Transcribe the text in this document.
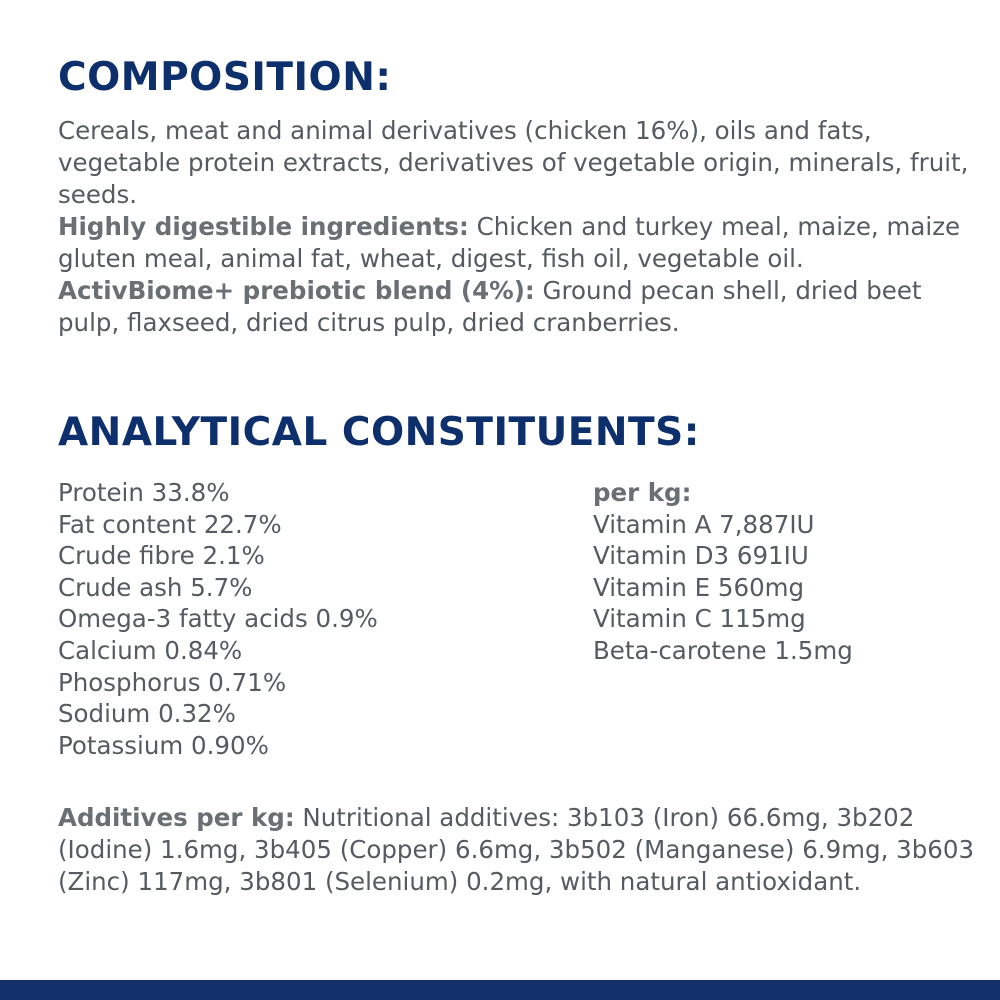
COMPOSITION:

Cereals, meat and animal derivatives (chicken 16%), oils and fats, vegetable protein extracts, derivatives of vegetable origin, minerals, fruit, seeds.
Highly digestible ingredients: Chicken and turkey meal, maize, maize gluten meal, animal fat, wheat, digest, fish oil, vegetable oil.
ActivBiome+ prebiotic blend (4%): Ground pecan shell, dried beet pulp, flaxseed, dried citrus pulp, dried cranberries.

ANALYTICAL CONSTITUENTS:
Protein 33.8%
Fat content 22.7%
Crude fibre 2.1%
Crude ash 5.7%
Omega-3 fatty acids 0.9%
Calcium 0.84%
Phosphorus 0.71%
Sodium 0.32%
Potassium 0.90%
per kg:
Vitamin A 7,887IU
Vitamin D3 691IU
Vitamin E 560mg
Vitamin C 115mg
Beta-carotene 1.5mg

Additives per kg: Nutritional additives: 3b103 (Iron) 66.6mg, 3b202 (Iodine) 1.6mg, 3b405 (Copper) 6.6mg, 3b502 (Manganese) 6.9mg, 3b603 (Zinc) 117mg, 3b801 (Selenium) 0.2mg, with natural antioxidant.
